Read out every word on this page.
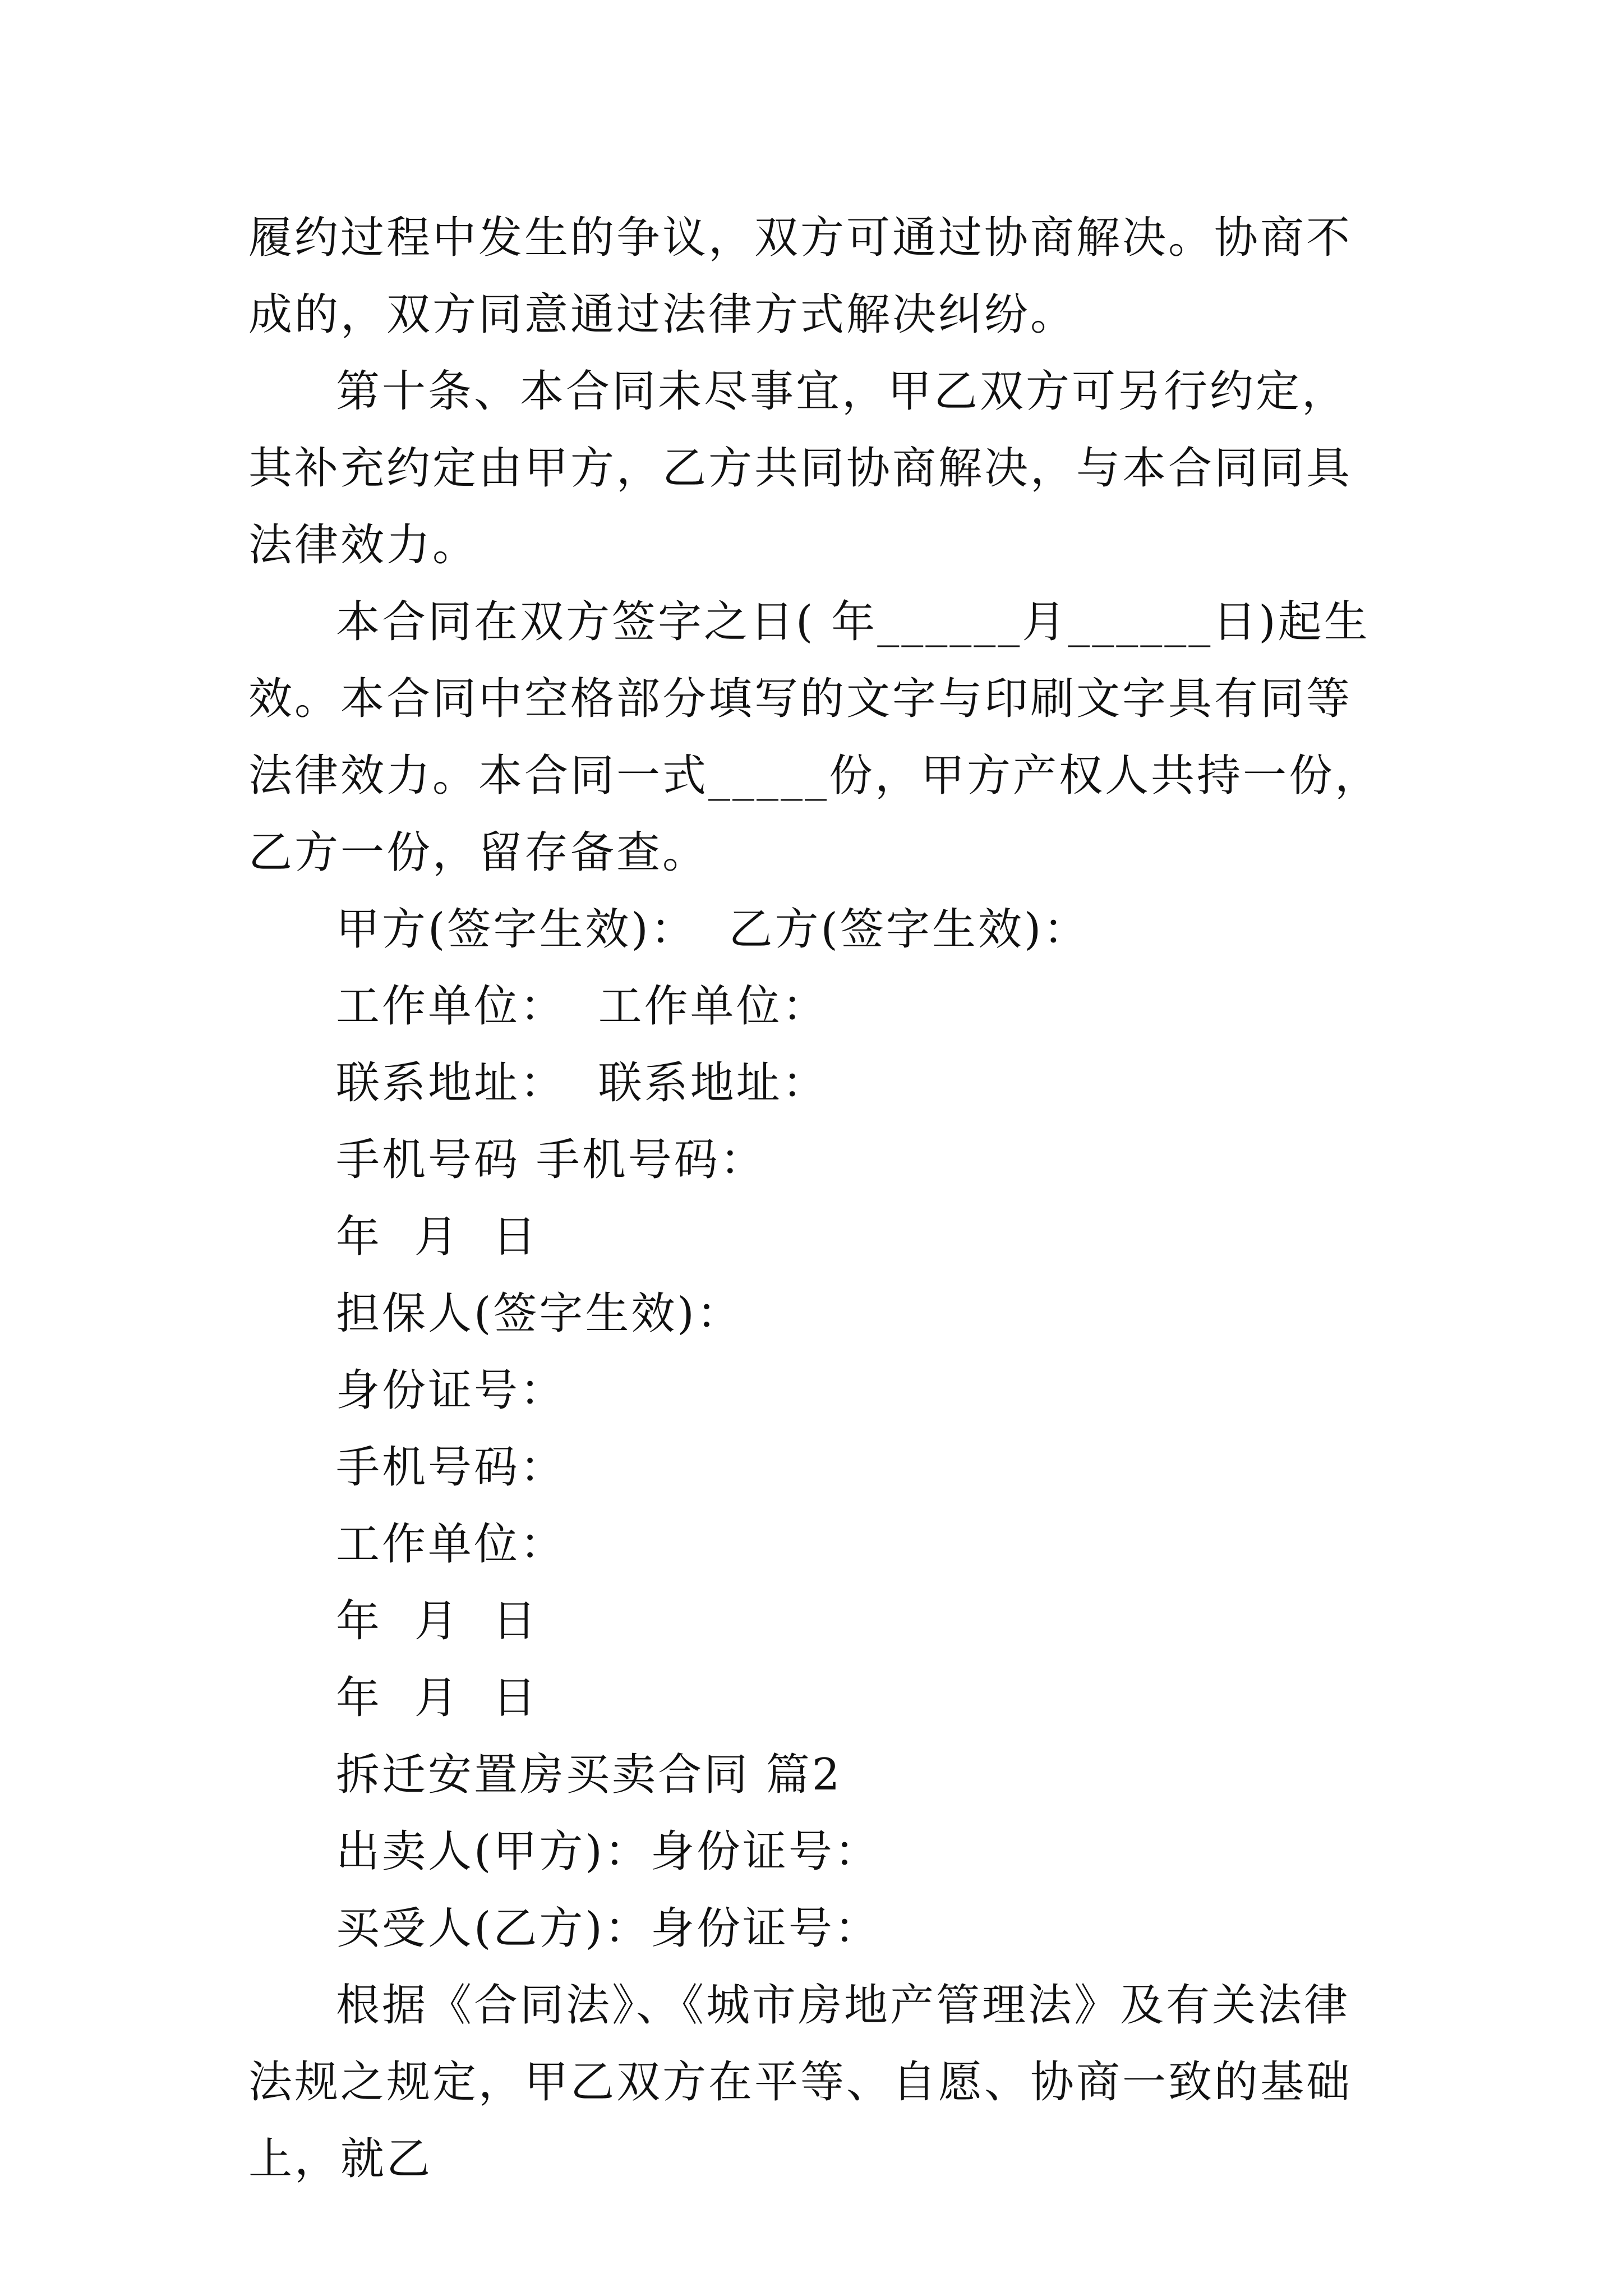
履约过程中发生的争议，双方可通过协商解决。协商不成的，双方同意通过法律方式解决纠纷。

第十条、本合同未尽事宜，甲乙双方可另行约定，其补充约定由甲方，乙方共同协商解决，与本合同同具法律效力。

本合同在双方签字之日( 年______月______日)起生效。本合同中空格部分填写的文字与印刷文字具有同等法律效力。本合同一式_____份，甲方产权人共持一份，乙方一份，留存备查。

甲方(签字生效)：  乙方(签字生效)：

工作单位：  工作单位：

联系地址：  联系地址：

手机号码 手机号码：

年  月  日

担保人(签字生效)：

身份证号：

手机号码：

工作单位：

年  月  日

年  月  日

拆迁安置房买卖合同 篇2

出卖人(甲方)：身份证号：

买受人(乙方)：身份证号：

根据《合同法》、《城市房地产管理法》及有关法律法规之规定，甲乙双方在平等、自愿、协商一致的基础上，就乙
